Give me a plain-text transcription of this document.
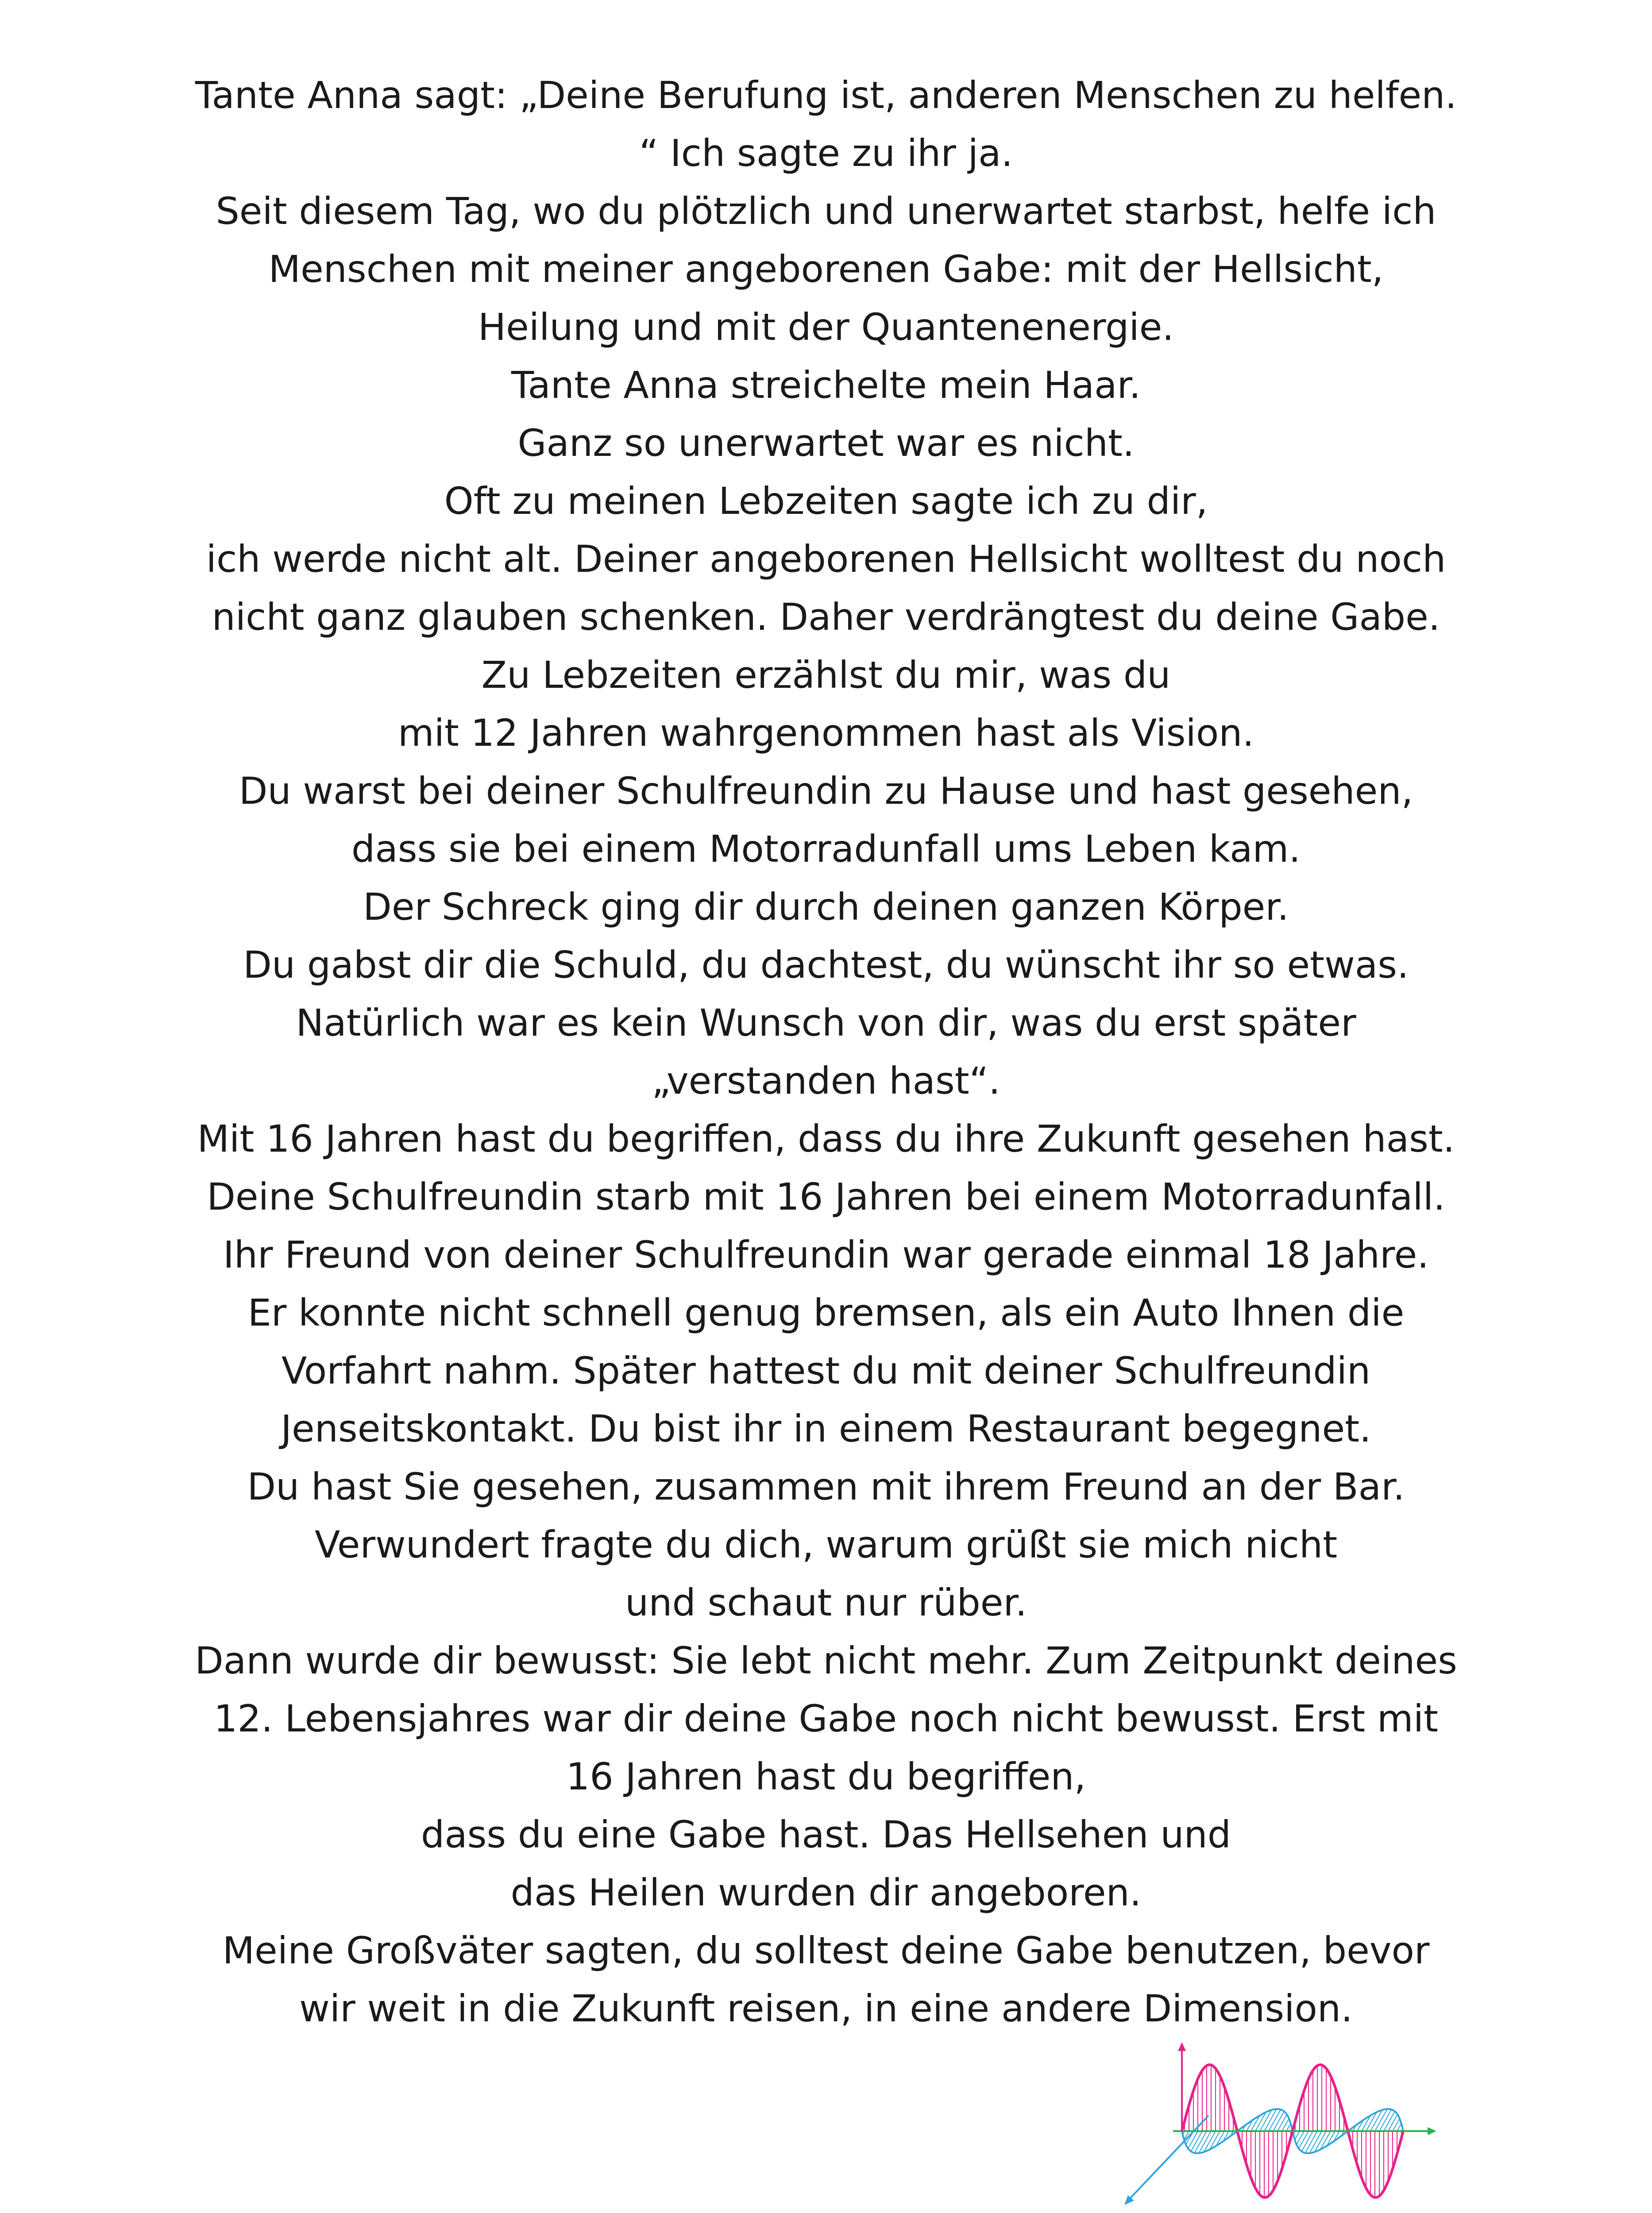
Tante Anna sagt: „Deine Berufung ist, anderen Menschen zu helfen.
“ Ich sagte zu ihr ja.
Seit diesem Tag, wo du plötzlich und unerwartet starbst, helfe ich
Menschen mit meiner angeborenen Gabe: mit der Hellsicht,
Heilung und mit der Quantenenergie.
Tante Anna streichelte mein Haar.
Ganz so unerwartet war es nicht.
Oft zu meinen Lebzeiten sagte ich zu dir,
ich werde nicht alt. Deiner angeborenen Hellsicht wolltest du noch
nicht ganz glauben schenken. Daher verdrängtest du deine Gabe.
Zu Lebzeiten erzählst du mir, was du
mit 12 Jahren wahrgenommen hast als Vision.
Du warst bei deiner Schulfreundin zu Hause und hast gesehen,
dass sie bei einem Motorradunfall ums Leben kam.
Der Schreck ging dir durch deinen ganzen Körper.
Du gabst dir die Schuld, du dachtest, du wünscht ihr so etwas.
Natürlich war es kein Wunsch von dir, was du erst später
„verstanden hast“.
Mit 16 Jahren hast du begriffen, dass du ihre Zukunft gesehen hast.
Deine Schulfreundin starb mit 16 Jahren bei einem Motorradunfall.
Ihr Freund von deiner Schulfreundin war gerade einmal 18 Jahre.
Er konnte nicht schnell genug bremsen, als ein Auto Ihnen die
Vorfahrt nahm. Später hattest du mit deiner Schulfreundin
Jenseitskontakt. Du bist ihr in einem Restaurant begegnet.
Du hast Sie gesehen, zusammen mit ihrem Freund an der Bar.
Verwundert fragte du dich, warum grüßt sie mich nicht
und schaut nur rüber.
Dann wurde dir bewusst: Sie lebt nicht mehr. Zum Zeitpunkt deines
12. Lebensjahres war dir deine Gabe noch nicht bewusst. Erst mit
16 Jahren hast du begriffen,
dass du eine Gabe hast. Das Hellsehen und
das Heilen wurden dir angeboren.
Meine Großväter sagten, du solltest deine Gabe benutzen, bevor
wir weit in die Zukunft reisen, in eine andere Dimension.
